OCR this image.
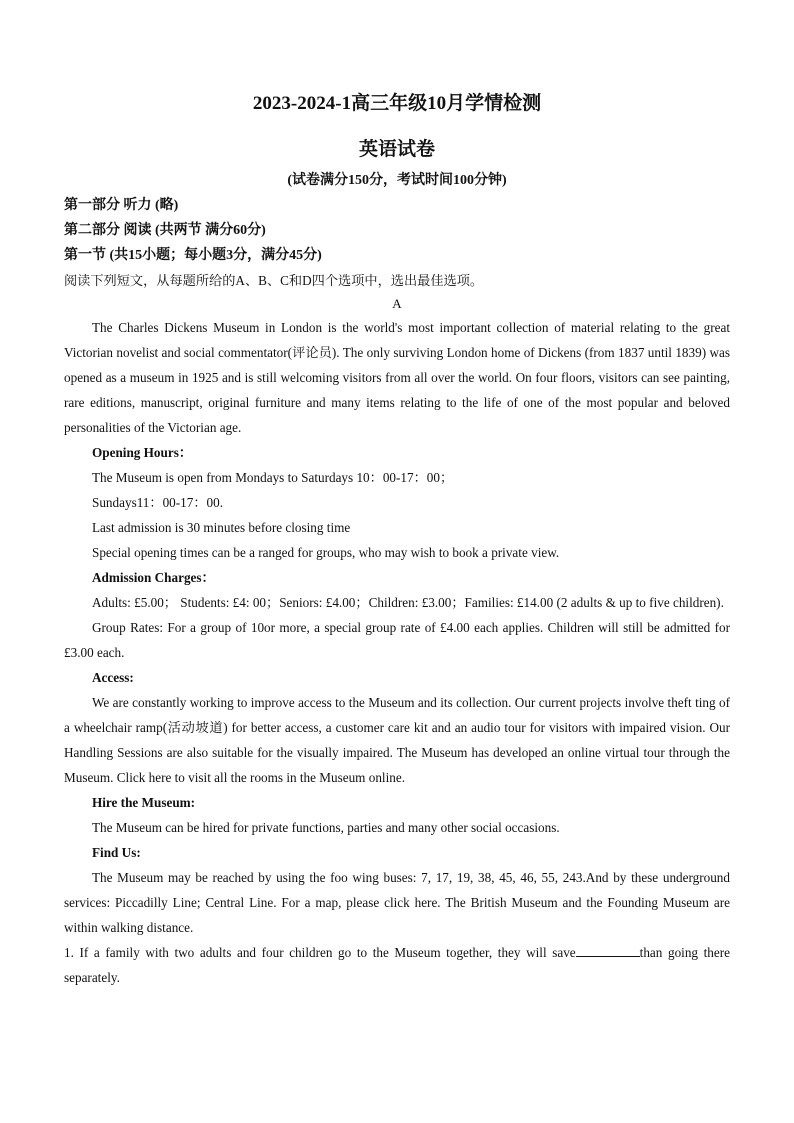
2023-2024-1高三年级10月学情检测
英语试卷
(试卷满分150分，考试时间100分钟)
第一部分 听力 (略)
第二部分 阅读 (共两节 满分60分)
第一节 (共15小题；每小题3分，满分45分)
阅读下列短文，从每题所给的A、B、C和D四个选项中，选出最佳选项。
A
The Charles Dickens Museum in London is the world's most important collection of material relating to the great Victorian novelist and social commentator(评论员). The only surviving London home of Dickens (from 1837 until 1839) was opened as a museum in 1925 and is still welcoming visitors from all over the world. On four floors, visitors can see painting, rare editions, manuscript, original furniture and many items relating to the life of one of the most popular and beloved personalities of the Victorian age.
Opening Hours：
The Museum is open from Mondays to Saturdays 10：00-17：00；
Sundays11：00-17：00.
Last admission is 30 minutes before closing time
Special opening times can be a ranged for groups, who may wish to book a private view.
Admission Charges：
Adults: £5.00； Students: £4: 00；Seniors: £4.00；Children: £3.00；Families: £14.00 (2 adults & up to five children).
Group Rates: For a group of 10or more, a special group rate of £4.00 each applies. Children will still be admitted for £3.00 each.
Access:
We are constantly working to improve access to the Museum and its collection. Our current projects involve theft ting of a wheelchair ramp(活动坡道) for better access, a customer care kit and an audio tour for visitors with impaired vision. Our Handling Sessions are also suitable for the visually impaired. The Museum has developed an online virtual tour through the Museum. Click here to visit all the rooms in the Museum online.
Hire the Museum:
The Museum can be hired for private functions, parties and many other social occasions.
Find Us:
The Museum may be reached by using the foo wing buses: 7, 17, 19, 38, 45, 46, 55, 243.And by these underground services: Piccadilly Line; Central Line. For a map, please click here. The British Museum and the Founding Museum are within walking distance.
1. If a family with two adults and four children go to the Museum together, they will save	than going there separately.
